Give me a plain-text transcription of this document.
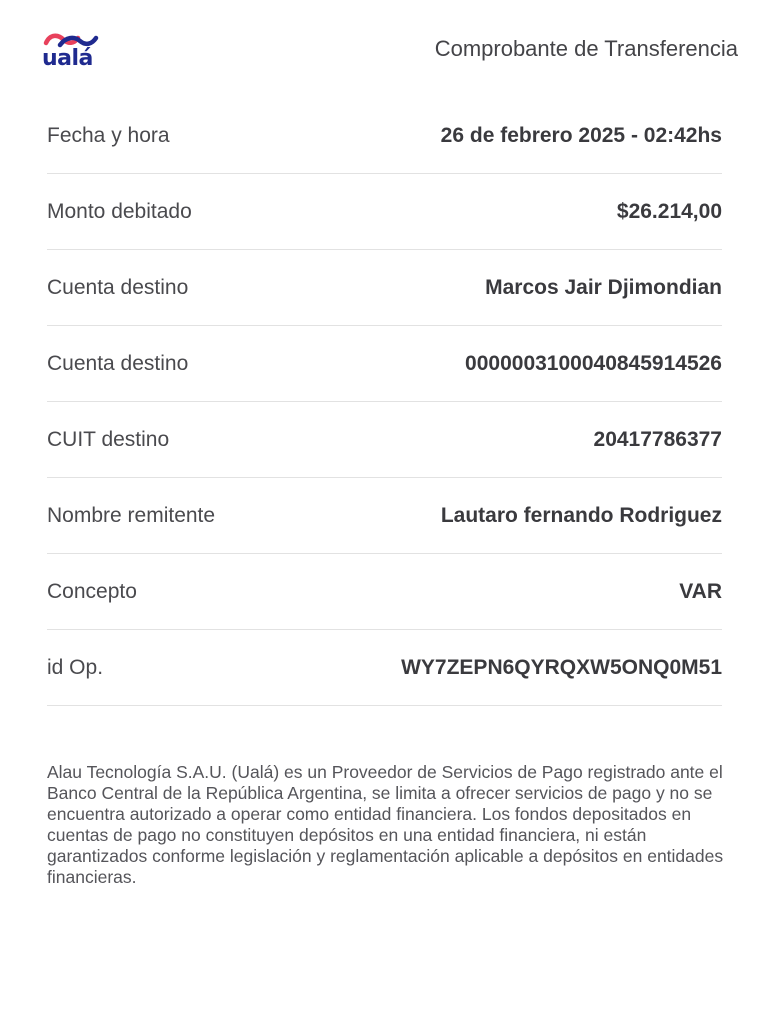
ualá	Comprobante de Transferencia
Fecha y hora	26 de febrero 2025 - 02:42hs
Monto debitado	$26.214,00
Cuenta destino	Marcos Jair Djimondian
Cuenta destino	0000003100040845914526
CUIT destino	20417786377
Nombre remitente	Lautaro fernando Rodriguez
Concepto	VAR
id Op.	WY7ZEPN6QYRQXW5ONQ0M51

Alau Tecnología S.A.U. (Ualá) es un Proveedor de Servicios de Pago registrado ante el Banco Central de la República Argentina, se limita a ofrecer servicios de pago y no se encuentra autorizado a operar como entidad financiera. Los fondos depositados en cuentas de pago no constituyen depósitos en una entidad financiera, ni están garantizados conforme legislación y reglamentación aplicable a depósitos en entidades financieras.
